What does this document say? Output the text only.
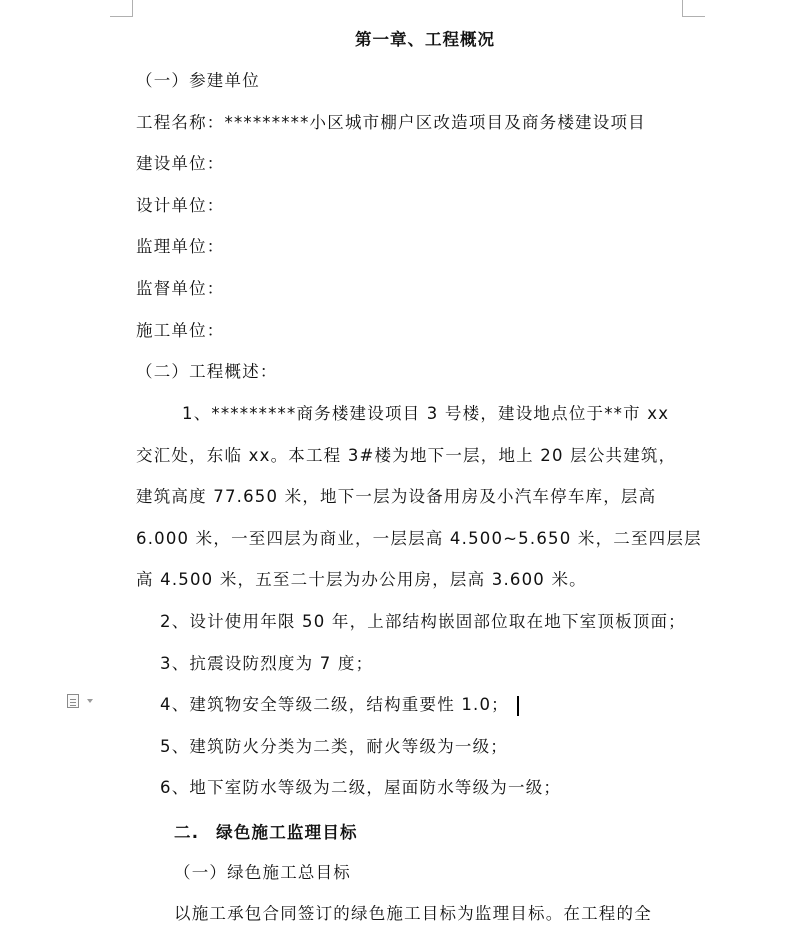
第一章、工程概况
（一）参建单位
工程名称：*********小区城市棚户区改造项目及商务楼建设项目
建设单位：
设计单位：
监理单位：
监督单位：
施工单位：
（二）工程概述：
1、*********商务楼建设项目 3 号楼，建设地点位于**市 xx
交汇处，东临 xx。本工程 3#楼为地下一层，地上 20 层公共建筑，
建筑高度 77.650 米，地下一层为设备用房及小汽车停车库，层高
6.000 米，一至四层为商业，一层层高 4.500~5.650 米，二至四层层
高 4.500 米，五至二十层为办公用房，层高 3.600 米。
2、设计使用年限 50 年，上部结构嵌固部位取在地下室顶板顶面；
3、抗震设防烈度为 7 度；
4、建筑物安全等级二级，结构重要性 1.0；
5、建筑防火分类为二类，耐火等级为一级；
6、地下室防水等级为二级，屋面防水等级为一级；
二. 绿色施工监理目标
（一）绿色施工总目标
以施工承包合同签订的绿色施工目标为监理目标。在工程的全
